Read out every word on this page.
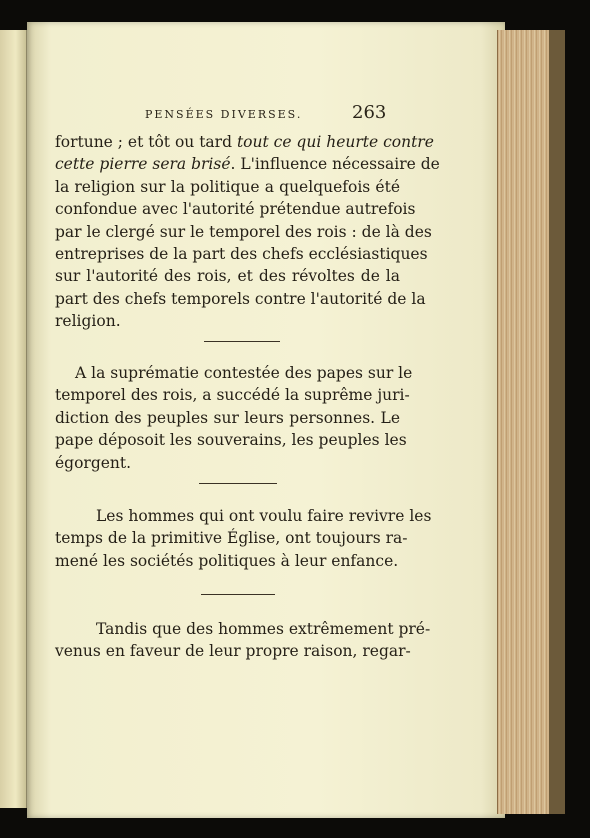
PENSÉES DIVERSES.	263
fortune ; et tôt ou tard tout ce qui heurte contre
cette pierre sera brisé. L'influence nécessaire de
la religion sur la politique a quelquefois été
confondue avec l'autorité prétendue autrefois
par le clergé sur le temporel des rois : de là des
entreprises de la part des chefs ecclésiastiques
sur l'autorité des rois, et des révoltes de la
part des chefs temporels contre l'autorité de la
religion.
A la suprématie contestée des papes sur le
temporel des rois, a succédé la suprême juri-
diction des peuples sur leurs personnes. Le
pape déposoit les souverains, les peuples les
égorgent.
Les hommes qui ont voulu faire revivre les
temps de la primitive Église, ont toujours ra-
mené les sociétés politiques à leur enfance.
Tandis que des hommes extrêmement pré-
venus en faveur de leur propre raison, regar-
